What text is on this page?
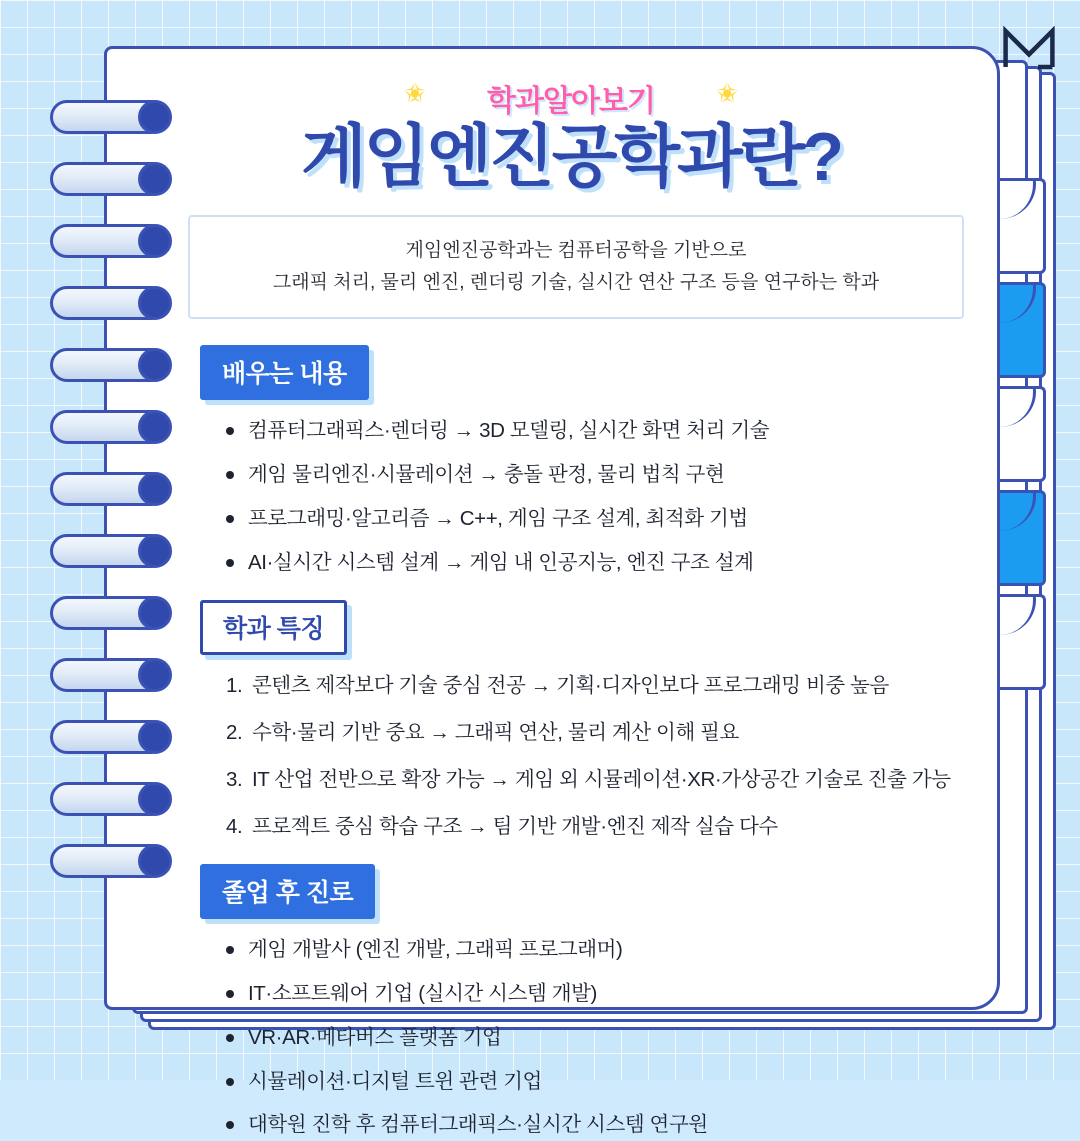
✬ 학과알아보기 ✬
게임엔진공학과란?
게임엔진공학과는 컴퓨터공학을 기반으로
그래픽 처리, 물리 엔진, 렌더링 기술, 실시간 연산 구조 등을 연구하는 학과
배우는 내용
컴퓨터그래픽스·렌더링 → 3D 모델링, 실시간 화면 처리 기술
게임 물리엔진·시뮬레이션 → 충돌 판정, 물리 법칙 구현
프로그래밍·알고리즘 → C++, 게임 구조 설계, 최적화 기법
AI·실시간 시스템 설계 → 게임 내 인공지능, 엔진 구조 설계
학과 특징
콘텐츠 제작보다 기술 중심 전공 → 기획·디자인보다 프로그래밍 비중 높음
수학·물리 기반 중요 → 그래픽 연산, 물리 계산 이해 필요
IT 산업 전반으로 확장 가능 → 게임 외 시뮬레이션·XR·가상공간 기술로 진출 가능
프로젝트 중심 학습 구조 → 팀 기반 개발·엔진 제작 실습 다수
졸업 후 진로
게임 개발사 (엔진 개발, 그래픽 프로그래머)
IT·소프트웨어 기업 (실시간 시스템 개발)
VR·AR·메타버스 플랫폼 기업
시뮬레이션·디지털 트윈 관련 기업
대학원 진학 후 컴퓨터그래픽스·실시간 시스템 연구원
